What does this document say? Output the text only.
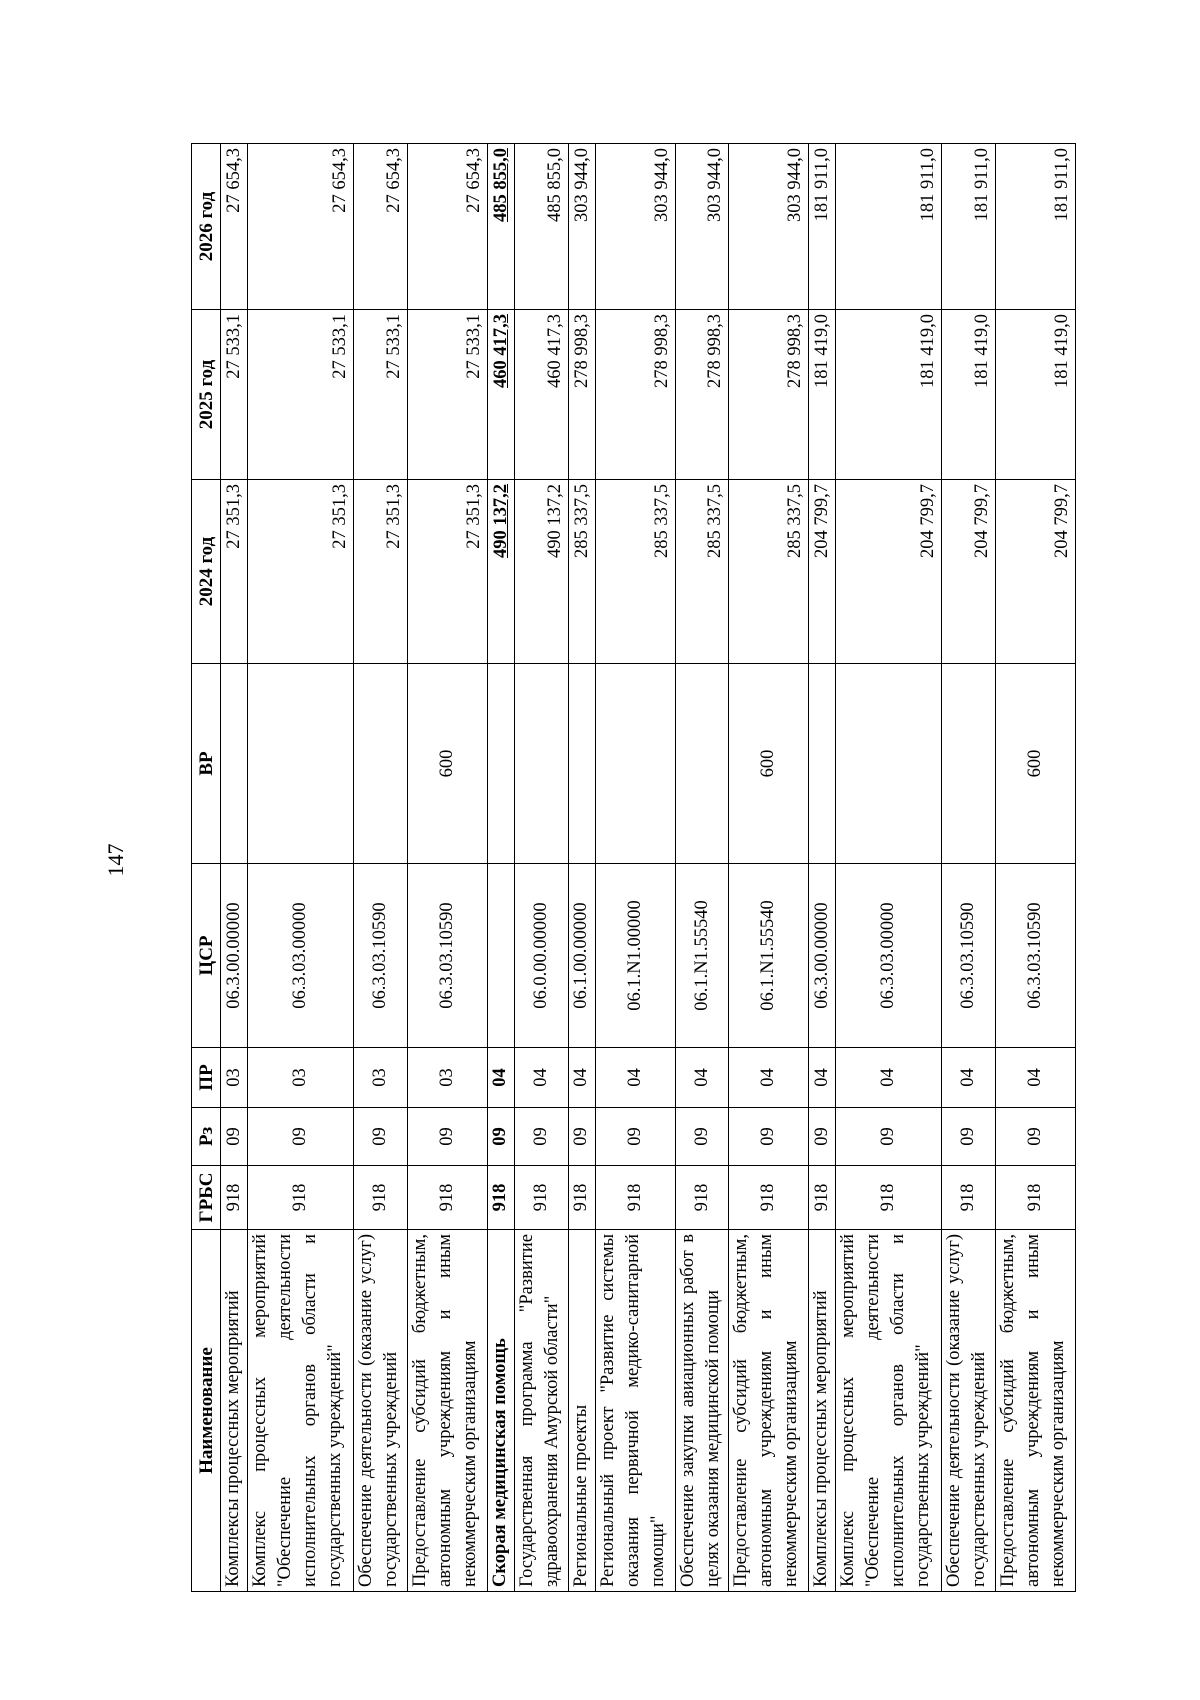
147
Наименование	ГРБС	Рз	ПР	ЦСР	ВР	2024 год	2025 год	2026 год
Комплексы процессных мероприятий	918	09	03	06.3.00.00000		27 351,3	27 533,1	27 654,3
Комплекс процессных мероприятий "Обеспечение деятельности исполнительных органов области и государственных учреждений"	918	09	03	06.3.03.00000		27 351,3	27 533,1	27 654,3
Обеспечение деятельности (оказание услуг) государственных учреждений	918	09	03	06.3.03.10590		27 351,3	27 533,1	27 654,3
Предоставление субсидий бюджетным, автономным учреждениям и иным некоммерческим организациям	918	09	03	06.3.03.10590	600	27 351,3	27 533,1	27 654,3
Скорая медицинская помощь	918	09	04			490 137,2	460 417,3	485 855,0
Государственная программа "Развитие здравоохранения Амурской области"	918	09	04	06.0.00.00000		490 137,2	460 417,3	485 855,0
Региональные проекты	918	09	04	06.1.00.00000		285 337,5	278 998,3	303 944,0
Региональный проект "Развитие системы оказания первичной медико-санитарной помощи"	918	09	04	06.1.N1.00000		285 337,5	278 998,3	303 944,0
Обеспечение закупки авиационных работ в целях оказания медицинской помощи	918	09	04	06.1.N1.55540		285 337,5	278 998,3	303 944,0
Предоставление субсидий бюджетным, автономным учреждениям и иным некоммерческим организациям	918	09	04	06.1.N1.55540	600	285 337,5	278 998,3	303 944,0
Комплексы процессных мероприятий	918	09	04	06.3.00.00000		204 799,7	181 419,0	181 911,0
Комплекс процессных мероприятий "Обеспечение деятельности исполнительных органов области и государственных учреждений"	918	09	04	06.3.03.00000		204 799,7	181 419,0	181 911,0
Обеспечение деятельности (оказание услуг) государственных учреждений	918	09	04	06.3.03.10590		204 799,7	181 419,0	181 911,0
Предоставление субсидий бюджетным, автономным учреждениям и иным некоммерческим организациям	918	09	04	06.3.03.10590	600	204 799,7	181 419,0	181 911,0
